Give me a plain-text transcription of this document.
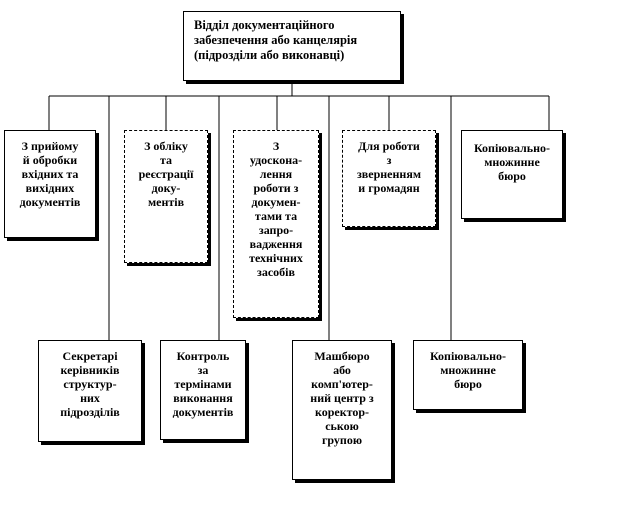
Відділ документаційного
забезпечення або канцелярія
(підрозділи або виконавці)
З прийому
й обробки
вхідних та
вихідних
документів
З обліку
та
реєстрації
доку-
ментів
З
удоскона-
лення
роботи з
докумен-
тами та
запро-
вадження
технічних
засобів
Для роботи
з
зверненням
и громадян
Копіювально-
множинне
бюро
Секретарі
керівників
структур-
них
підрозділів
Контроль
за
термінами
виконання
документів
Машбюро
або
комп'ютер-
ний центр з
коректор-
ською
групою
Копіювально-
множинне
бюро
